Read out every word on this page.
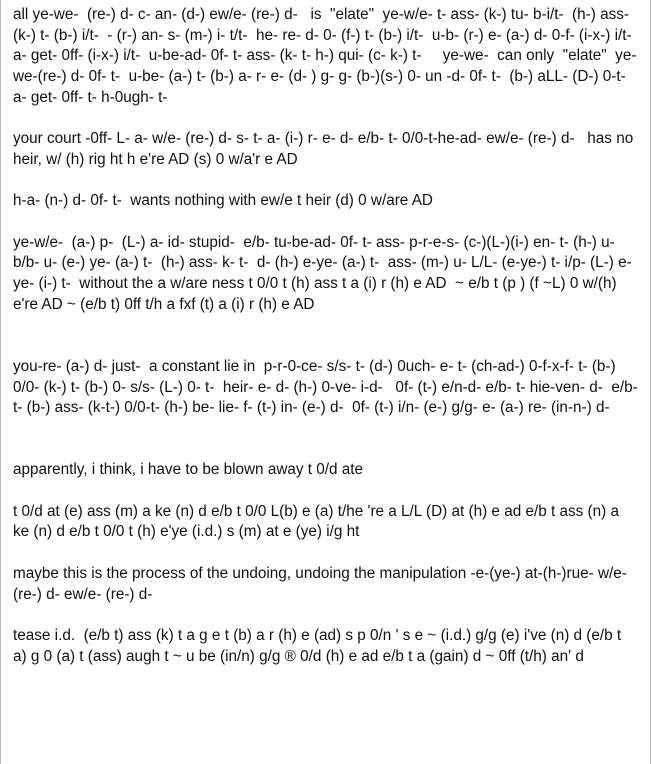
all ye-we-  (re-) d- c- an- (d-) ew/e- (re-) d-   is  "elate"  ye-w/e- t- ass- (k-) tu- b-i/t-  (h-) ass- (k-) t- (b-) i/t-  - (r-) an- s- (m-) i- t/t-  he- re- d- 0- (f-) t- (b-) i/t-  u-b- (r-) e- (a-) d- 0-f- (i-x-) i/t- a- get- 0ff- (i-x-) i/t-  u-be-ad- 0f- t- ass- (k- t- h-) qui- (c- k-) t-     ye-we-  can only  "elate"  ye-we-(re-) d- 0f- t-  u-be- (a-) t- (b-) a- r- e- (d- ) g- g- (b-)(s-) 0- un -d- 0f- t-  (b-) aLL- (D-) 0-t- a- get- 0ff- t- h-0ugh- t-

your court -0ff- L- a- w/e- (re-) d- s- t- a- (i-) r- e- d- e/b- t- 0/0-t-he-ad- ew/e- (re-) d-   has no heir, w/ (h) rig ht h e're AD (s) 0 w/a'r e AD

h-a- (n-) d- 0f- t-  wants nothing with ew/e t heir (d) 0 w/are AD

ye-w/e-  (a-) p-  (L-) a- id- stupid-  e/b- tu-be-ad- 0f- t- ass- p-r-e-s- (c-)(L-)(i-) en- t- (h-) u- b/b- u- (e-) ye- (a-) t-  (h-) ass- k- t-  d- (h-) e-ye- (a-) t-  ass- (m-) u- L/L- (e-ye-) t- i/p- (L-) e-ye- (i-) t-  without the a w/are ness t 0/0 t (h) ass t a (i) r (h) e AD  ~ e/b t (p ) (f ~L) 0 w/(h) e're AD ~ (e/b t) 0ff t/h a fxf (t) a (i) r (h) e AD

you-re- (a-) d- just-  a constant lie in  p-r-0-ce- s/s- t- (d-) 0uch- e- t- (ch-ad-) 0-f-x-f- t- (b-) 0/0- (k-) t- (b-) 0- s/s- (L-) 0- t-  heir- e- d- (h-) 0-ve- i-d-   0f- (t-) e/n-d- e/b- t- hie-ven- d-  e/b- t- (b-) ass- (k-t-) 0/0-t- (h-) be- lie- f- (t-) in- (e-) d-  0f- (t-) i/n- (e-) g/g- e- (a-) re- (in-n-) d-

apparently, i think, i have to be blown away t 0/d ate

t 0/d at (e) ass (m) a ke (n) d e/b t 0/0 L(b) e (a) t/he 're a L/L (D) at (h) e ad e/b t ass (n) a ke (n) d e/b t 0/0 t (h) e'ye (i.d.) s (m) at e (ye) i/g ht

maybe this is the process of the undoing, undoing the manipulation -e-(ye-) at-(h-)rue- w/e- (re-) d- ew/e- (re-) d-

tease i.d.  (e/b t) ass (k) t a g e t (b) a r (h) e (ad) s p 0/n ' s e ~ (i.d.) g/g (e) i've (n) d (e/b t a) g 0 (a) t (ass) augh t ~ u be (in/n) g/g ® 0/d (h) e ad e/b t a (gain) d ~ 0ff (t/h) an' d
